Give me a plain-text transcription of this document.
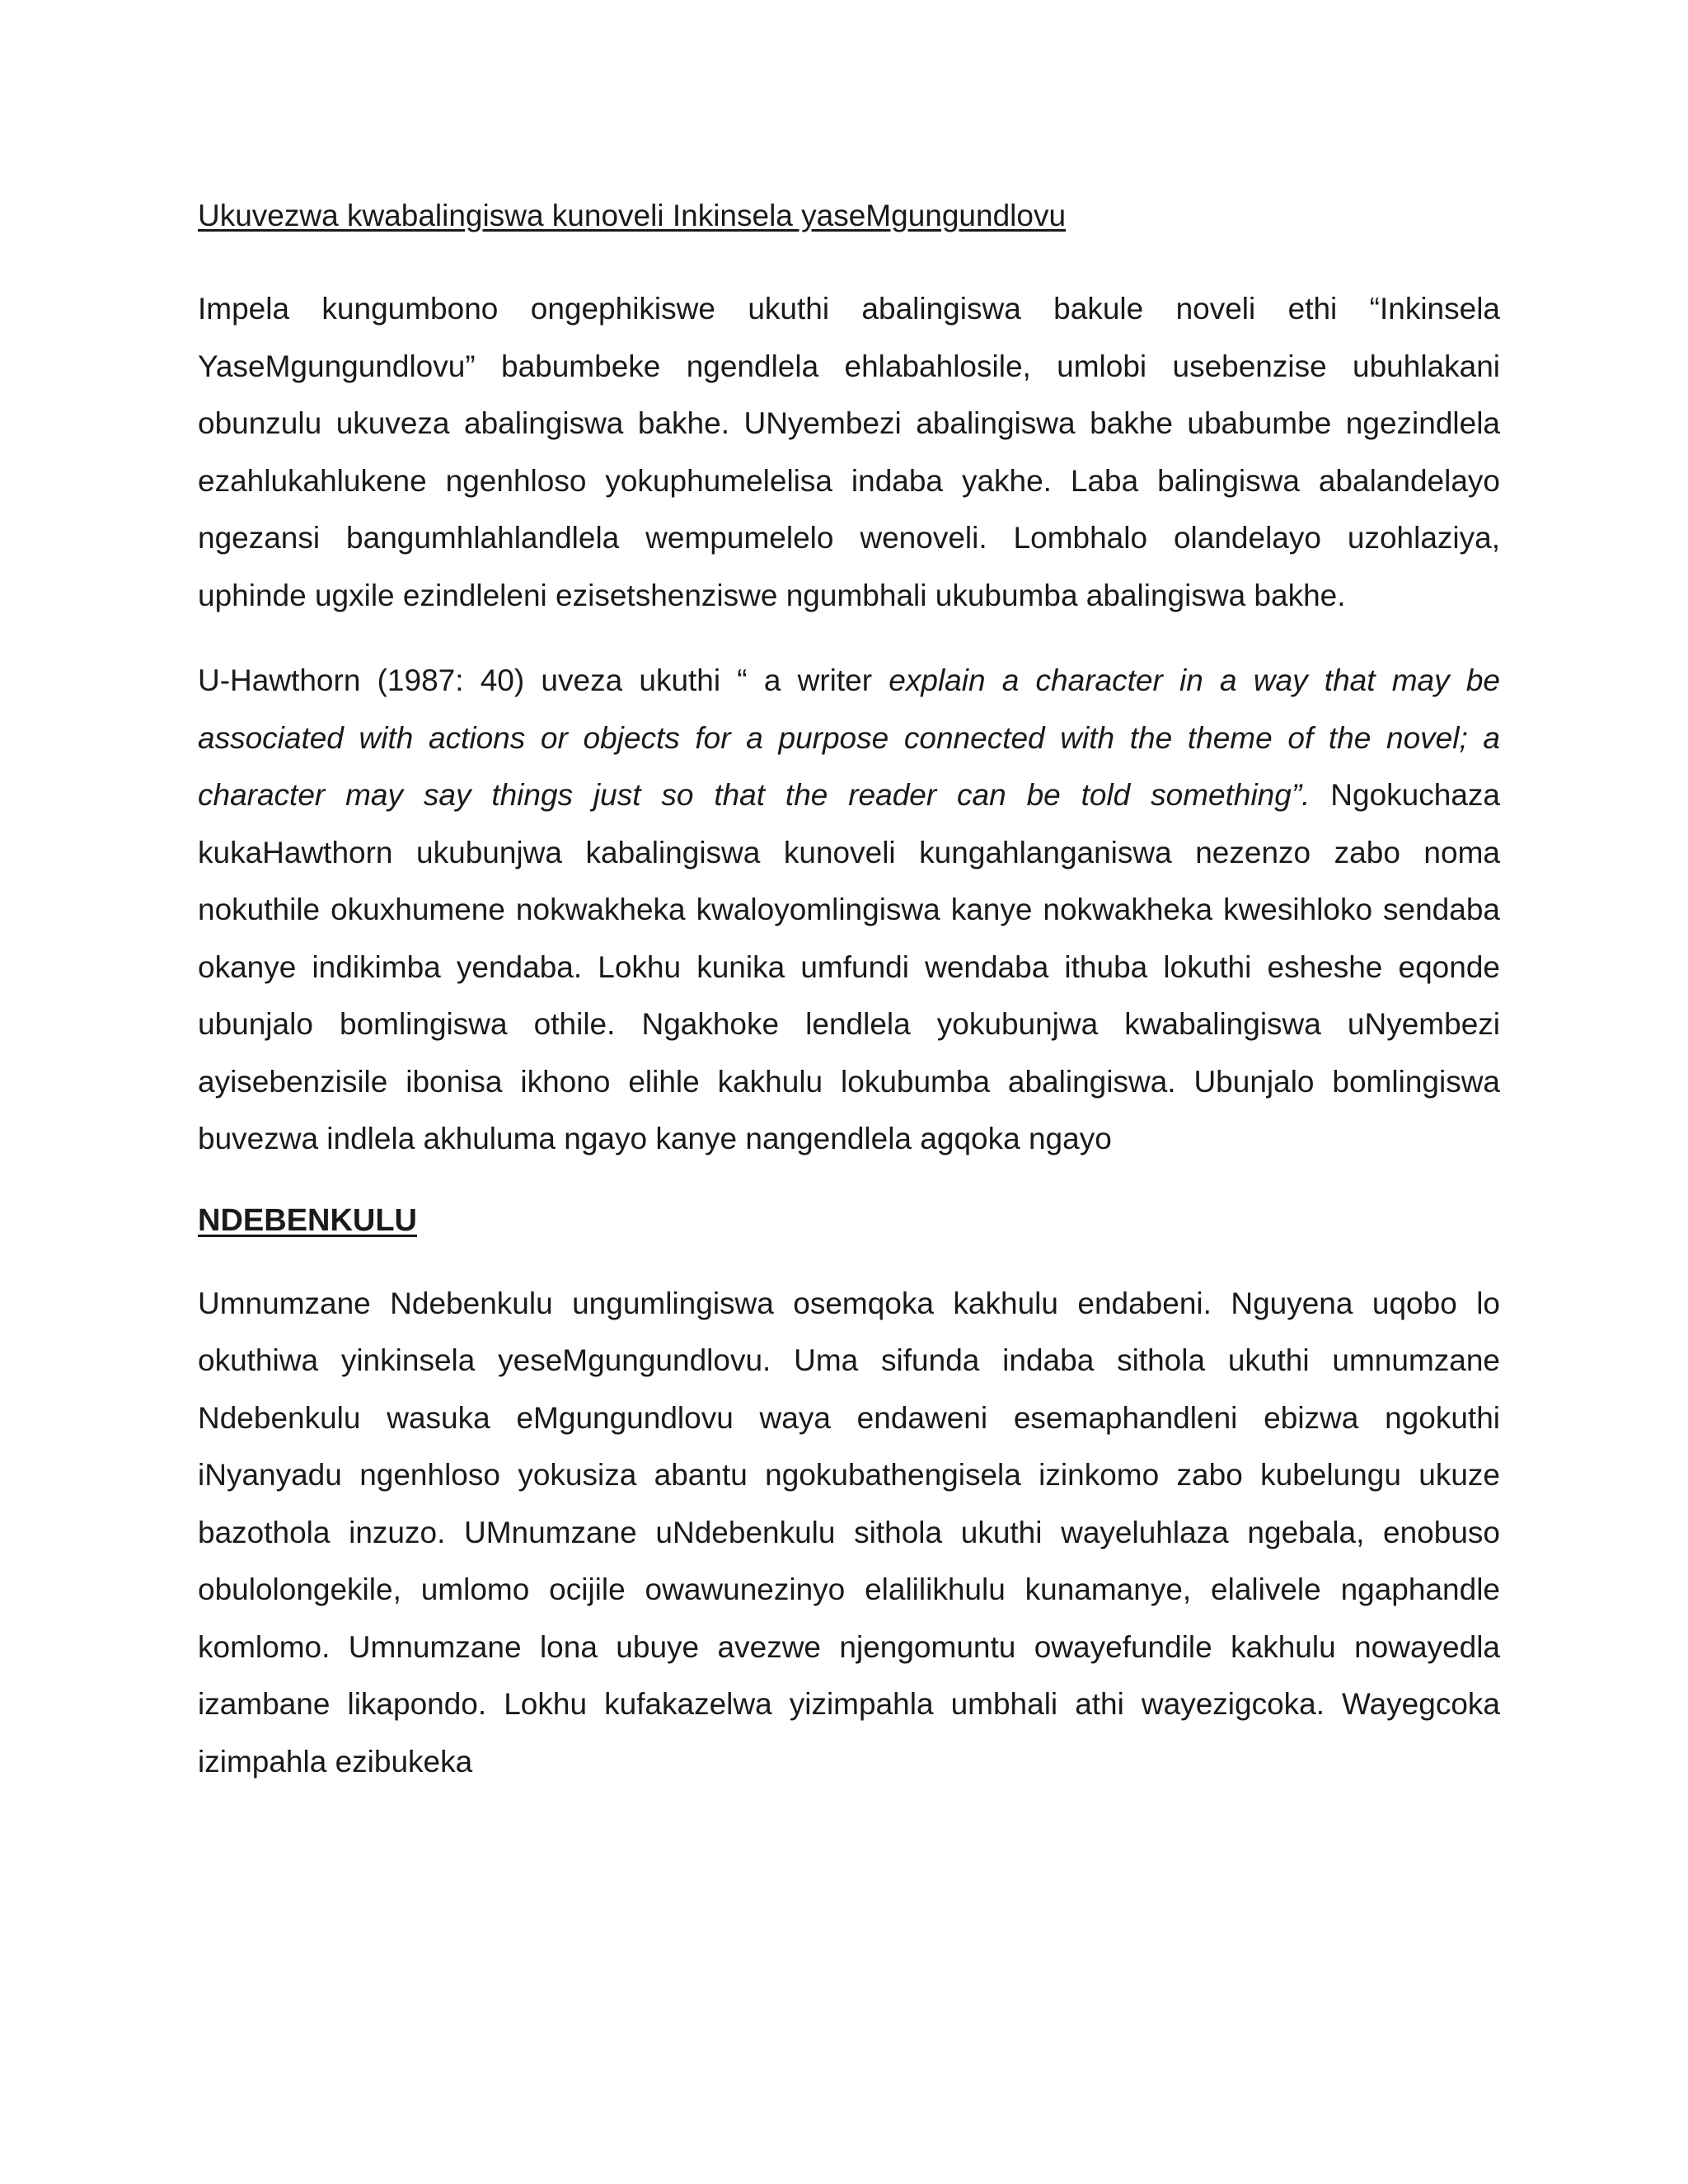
Ukuvezwa kwabalingiswa kunoveli Inkinsela yaseMgungundlovu

Impela kungumbono ongephikiswe ukuthi abalingiswa bakule noveli ethi “Inkinsela YaseMgungundlovu” babumbeke ngendlela ehlabahlosile, umlobi usebenzise ubuhlakani obunzulu ukuveza abalingiswa bakhe. UNyembezi abalingiswa bakhe ubabumbe ngezindlela ezahlukahlukene ngenhloso yokuphumelelisa indaba yakhe. Laba balingiswa abalandelayo ngezansi bangumhlahlandlela wempumelelo wenoveli. Lombhalo olandelayo uzohlaziya, uphinde ugxile ezindleleni ezisetshenziswe ngumbhali ukubumba abalingiswa bakhe.

U-Hawthorn (1987: 40) uveza ukuthi “ a writer explain a character in a way that may be associated with actions or objects for a purpose connected with the theme of the novel; a character may say things just so that the reader can be told something”. Ngokuchaza kukaHawthorn ukubunjwa kabalingiswa kunoveli kungahlanganiswa nezenzo zabo noma nokuthile okuxhumene nokwakheka kwaloyomlingiswa kanye nokwakheka kwesihloko sendaba okanye indikimba yendaba. Lokhu kunika umfundi wendaba ithuba lokuthi esheshe eqonde ubunjalo bomlingiswa othile. Ngakhoke lendlela yokubunjwa kwabalingiswa uNyembezi ayisebenzisile ibonisa ikhono elihle kakhulu lokubumba abalingiswa. Ubunjalo bomlingiswa buvezwa indlela akhuluma ngayo kanye nangendlela agqoka ngayo

NDEBENKULU

Umnumzane Ndebenkulu ungumlingiswa osemqoka kakhulu endabeni. Nguyena uqobo lo okuthiwa yinkinsela yeseMgungundlovu. Uma sifunda indaba sithola ukuthi umnumzane Ndebenkulu wasuka eMgungundlovu waya endaweni esemaphandleni ebizwa ngokuthi iNyanyadu ngenhloso yokusiza abantu ngokubathengisela izinkomo zabo kubelungu ukuze bazothola inzuzo. UMnumzane uNdebenkulu sithola ukuthi wayeluhlaza ngebala, enobuso obulolongekile, umlomo ocijile owawunezinyo elalilikhulu kunamanye, elalivele ngaphandle komlomo. Umnumzane lona ubuye avezwe njengomuntu owayefundile kakhulu nowayedla izambane likapondo. Lokhu kufakazelwa yizimpahla umbhali athi wayezigcoka. Wayegcoka izimpahla ezibukeka
